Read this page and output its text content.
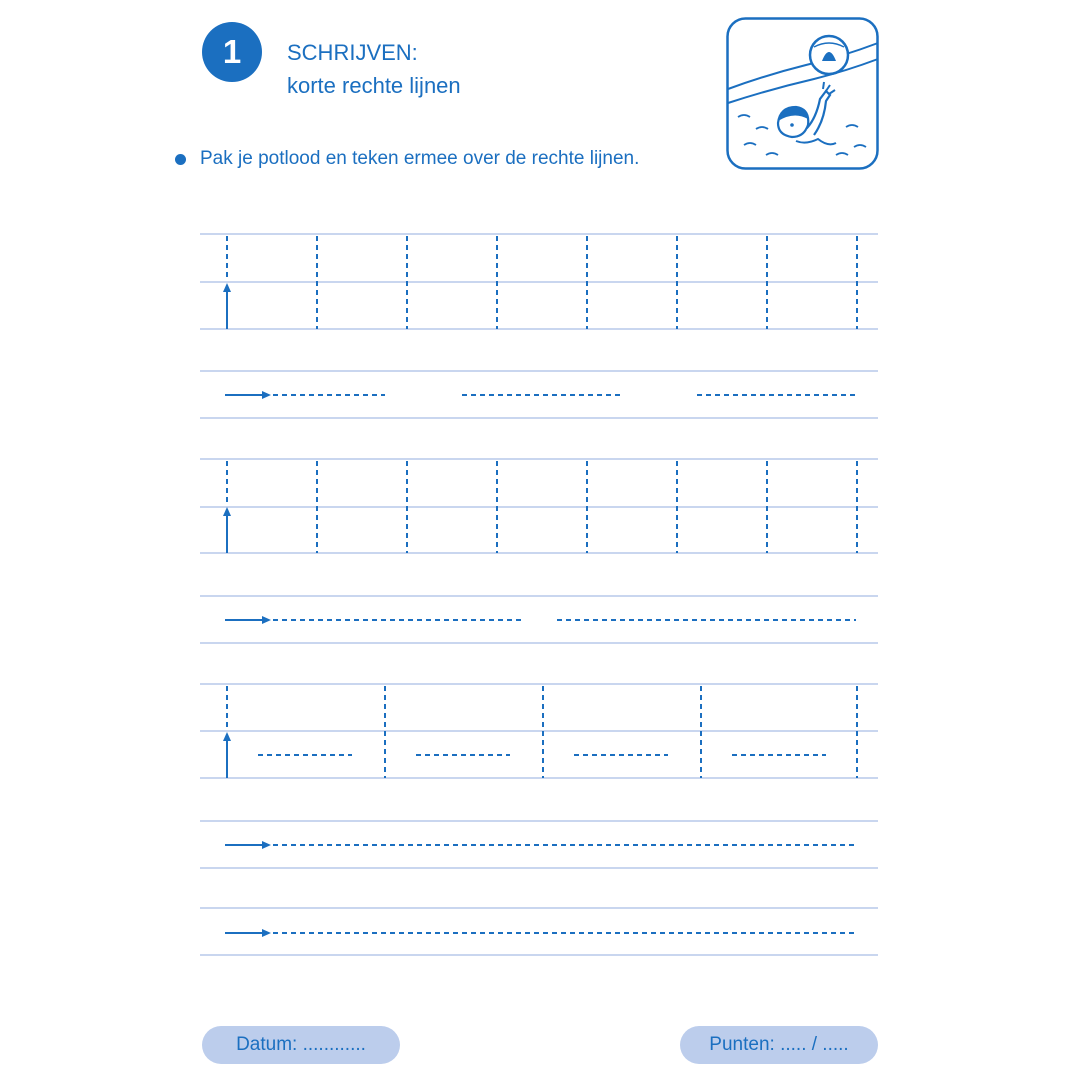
1 SCHRIJVEN:
korte rechte lijnen
Pak je potlood en teken ermee over de rechte lijnen.
Datum: ............	Punten: ..... / .....
